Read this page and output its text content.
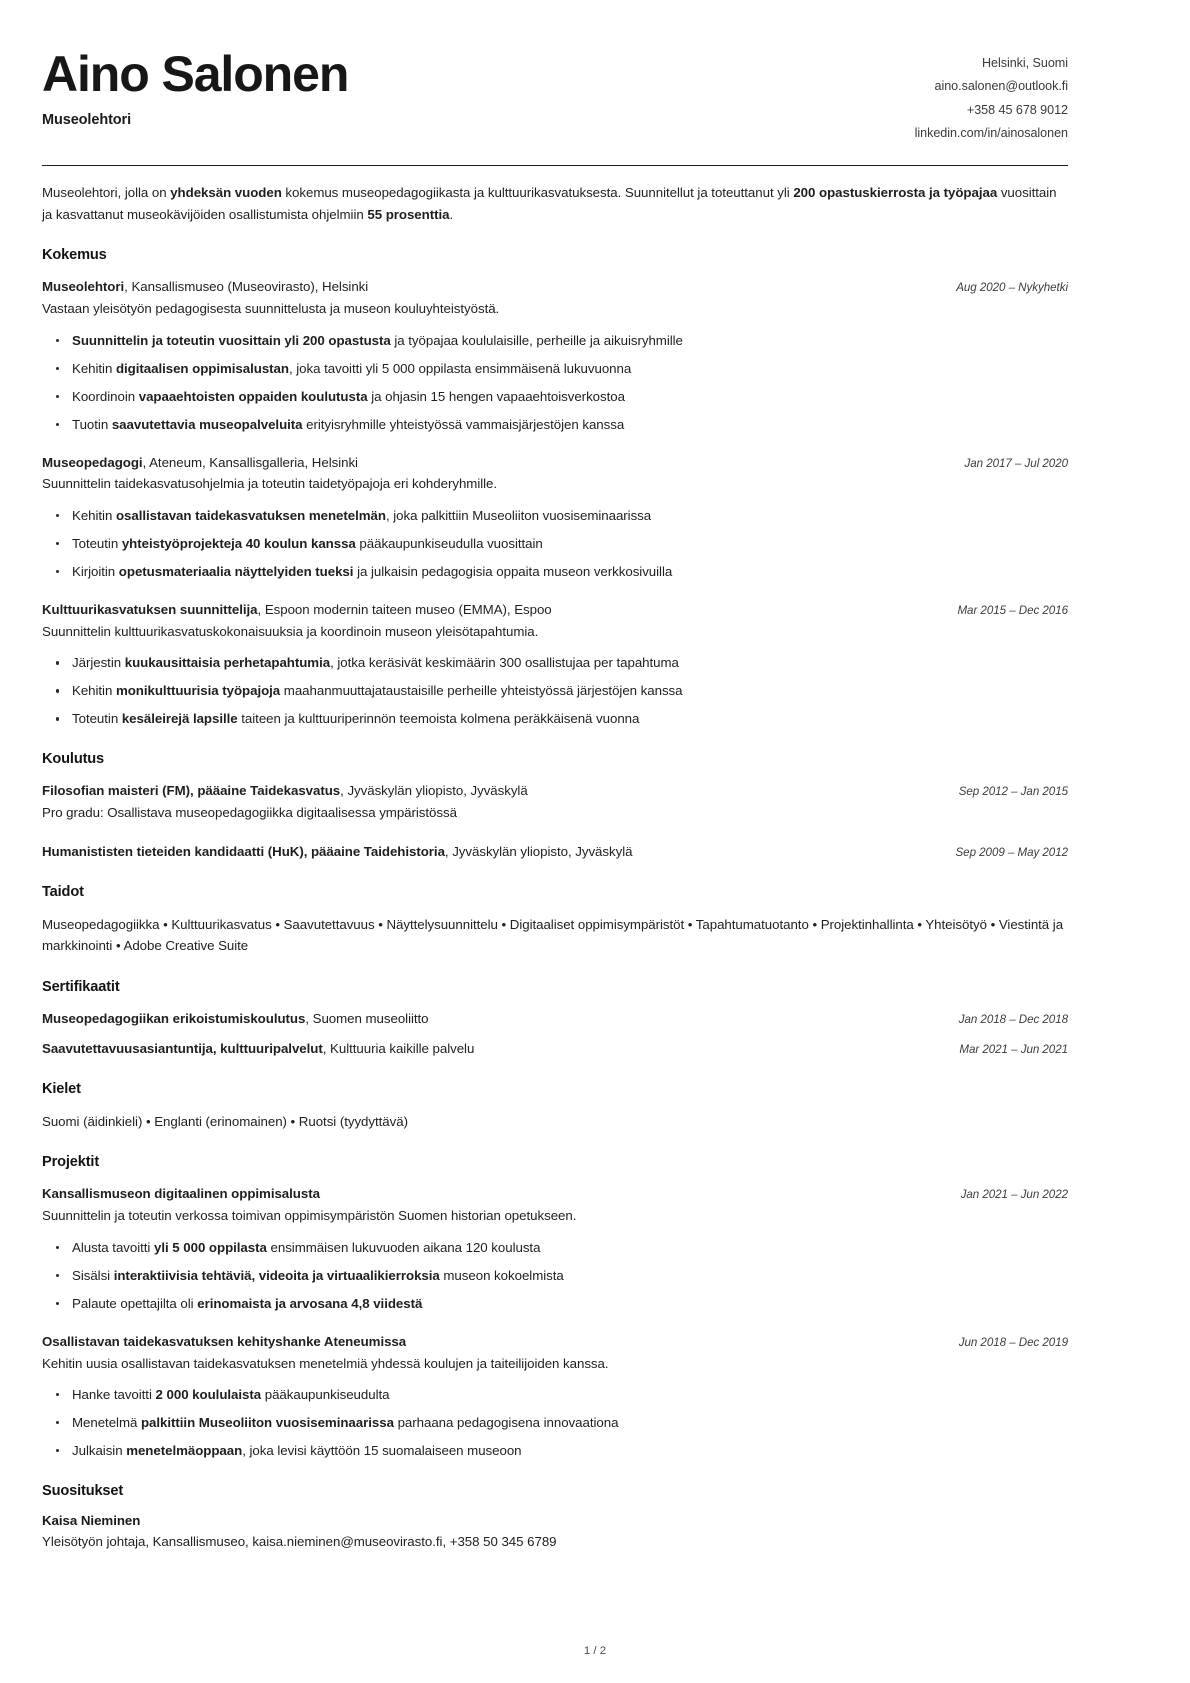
Aino Salonen
Museolehtori
Helsinki, Suomi
aino.salonen@outlook.fi
+358 45 678 9012
linkedin.com/in/ainosalonen

Museolehtori, jolla on yhdeksän vuoden kokemus museopedagogiikasta ja kulttuurikasvatuksesta. Suunnitellut ja toteuttanut yli 200 opastuskierrosta ja työpajaa vuosittain ja kasvattanut museokävijöiden osallistumista ohjelmiin 55 prosenttia.

Kokemus
Museolehtori, Kansallismuseo (Museovirasto), Helsinki	Aug 2020 – Nykyhetki
Vastaan yleisötyön pedagogisesta suunnittelusta ja museon kouluyhteistyöstä.
Suunnittelin ja toteutin vuosittain yli 200 opastusta ja työpajaa koululaisille, perheille ja aikuisryhmille
Kehitin digitaalisen oppimisalustan, joka tavoitti yli 5 000 oppilasta ensimmäisenä lukuvuonna
Koordinoin vapaaehtoisten oppaiden koulutusta ja ohjasin 15 hengen vapaaehtoisverkostoa
Tuotin saavutettavia museopalveluita erityisryhmille yhteistyössä vammaisjärjestöjen kanssa
Museopedagogi, Ateneum, Kansallisgalleria, Helsinki	Jan 2017 – Jul 2020
Suunnittelin taidekasvatusohjelmia ja toteutin taidetyöpajoja eri kohderyhmille.
Kehitin osallistavan taidekasvatuksen menetelmän, joka palkittiin Museoliiton vuosiseminaarissa
Toteutin yhteistyöprojekteja 40 koulun kanssa pääkaupunkiseudulla vuosittain
Kirjoitin opetusmateriaalia näyttelyiden tueksi ja julkaisin pedagogisia oppaita museon verkkosivuilla
Kulttuurikasvatuksen suunnittelija, Espoon modernin taiteen museo (EMMA), Espoo	Mar 2015 – Dec 2016
Suunnittelin kulttuurikasvatuskokonaisuuksia ja koordinoin museon yleisötapahtumia.
Järjestin kuukausittaisia perhetapahtumia, jotka keräsivät keskimäärin 300 osallistujaa per tapahtuma
Kehitin monikulttuurisia työpajoja maahanmuuttajataustaisille perheille yhteistyössä järjestöjen kanssa
Toteutin kesäleirejä lapsille taiteen ja kulttuuriperinnön teemoista kolmena peräkkäisenä vuonna
Koulutus
Filosofian maisteri (FM), pääaine Taidekasvatus, Jyväskylän yliopisto, Jyväskylä	Sep 2012 – Jan 2015
Pro gradu: Osallistava museopedagogiikka digitaalisessa ympäristössä
Humanististen tieteiden kandidaatti (HuK), pääaine Taidehistoria, Jyväskylän yliopisto, Jyväskylä	Sep 2009 – May 2012
Taidot
Museopedagogiikka • Kulttuurikasvatus • Saavutettavuus • Näyttelysuunnittelu • Digitaaliset oppimisympäristöt • Tapahtumatuotanto • Projektinhallinta • Yhteisötyö • Viestintä ja markkinointi • Adobe Creative Suite
Sertifikaatit
Museopedagogiikan erikoistumiskoulutus, Suomen museoliitto	Jan 2018 – Dec 2018
Saavutettavuusasiantuntija, kulttuuripalvelut, Kulttuuria kaikille palvelu	Mar 2021 – Jun 2021
Kielet
Suomi (äidinkieli) • Englanti (erinomainen) • Ruotsi (tyydyttävä)
Projektit
Kansallismuseon digitaalinen oppimisalusta	Jan 2021 – Jun 2022
Suunnittelin ja toteutin verkossa toimivan oppimisympäristön Suomen historian opetukseen.
Alusta tavoitti yli 5 000 oppilasta ensimmäisen lukuvuoden aikana 120 koulusta
Sisälsi interaktiivisia tehtäviä, videoita ja virtuaalikierroksia museon kokoelmista
Palaute opettajilta oli erinomaista ja arvosana 4,8 viidestä
Osallistavan taidekasvatuksen kehityshanke Ateneumissa	Jun 2018 – Dec 2019
Kehitin uusia osallistavan taidekasvatuksen menetelmiä yhdessä koulujen ja taiteilijoiden kanssa.
Hanke tavoitti 2 000 koululaista pääkaupunkiseudulta
Menetelmä palkittiin Museoliiton vuosiseminaarissa parhaana pedagogisena innovaationa
Julkaisin menetelmäoppaan, joka levisi käyttöön 15 suomalaiseen museoon
Suositukset
Kaisa Nieminen
Yleisötyön johtaja, Kansallismuseo, kaisa.nieminen@museovirasto.fi, +358 50 345 6789
1 / 2
